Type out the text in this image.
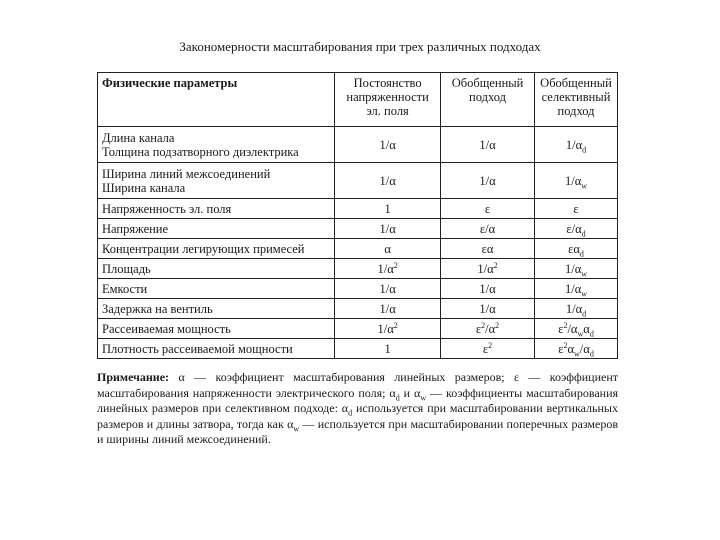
Закономерности масштабирования при трех различных подходах
Физические параметры	Постоянство напряженности эл. поля	Обобщенный подход	Обобщенный селективный подход

Длина канала
Толщина подзатворного диэлектрика	1/α	1/α	$1/\alpha_d$

Ширина линий межсоединений
Ширина канала	1/α	1/α	$1/\alpha_w$

Напряженность эл. поля	1	ε	ε

Напряжение	1/α	ε/α	$\varepsilon/\alpha_d$

Концентрации легирующих примесей	α	εα	$\varepsilon\alpha_d$

Площадь	$1/\alpha^2$	$1/\alpha^2$	$1/\alpha_w$

Емкости	1/α	1/α	$1/\alpha_w$

Задержка на вентиль	1/α	1/α	$1/\alpha_d$

Рассеиваемая мощность	$1/\alpha^2$	$\varepsilon^2/\alpha^2$	$\varepsilon^2/\alpha_w\alpha_d$

Плотность рассеиваемой мощности	1	$\varepsilon^2$	$\varepsilon^2\alpha_w/\alpha_d$
Примечание: α — коэффициент масштабирования линейных размеров; ε — коэффициент масштабирования напряженности электрического поля; $\alpha_d$ и $\alpha_w$ — коэффициенты масштабирования линейных размеров при селективном подходе: $\alpha_d$ используется при масштабировании вертикальных размеров и длины затвора, тогда как $\alpha_w$ — используется при масштабировании поперечных размеров и ширины линий межсоединений.
